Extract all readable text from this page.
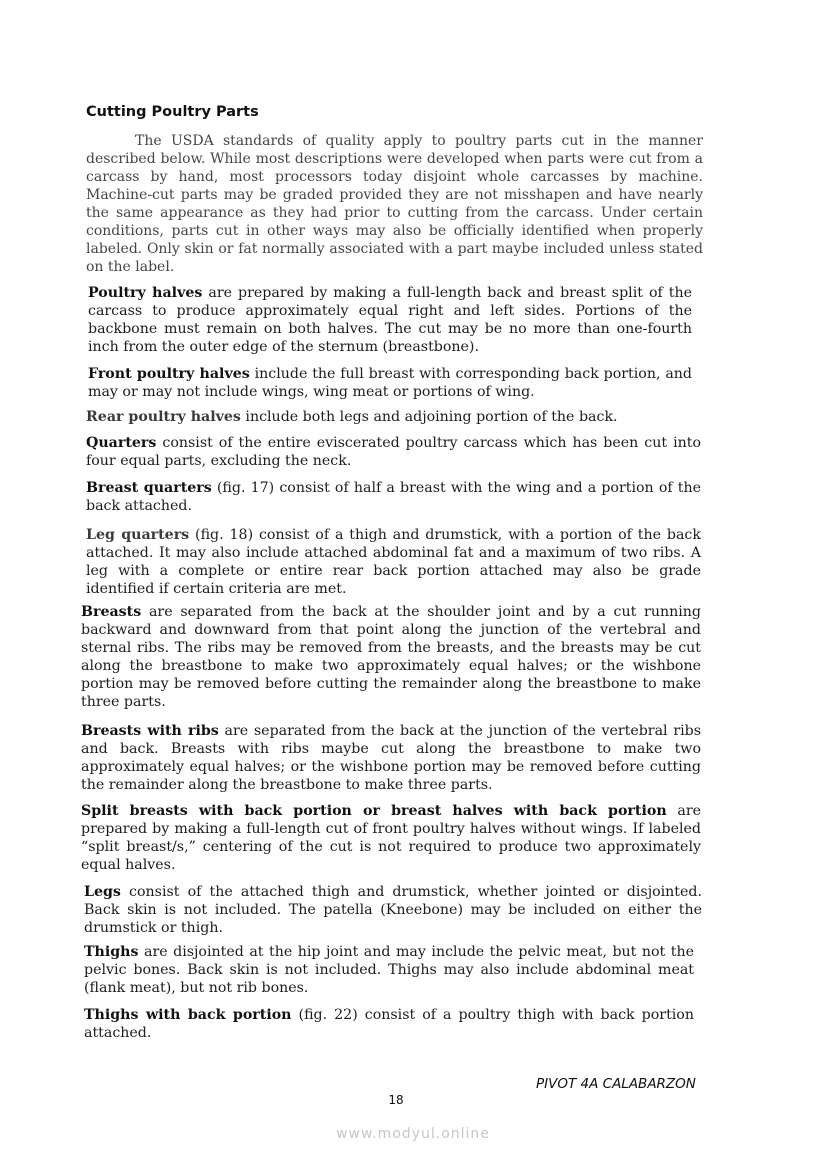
Cutting Poultry Parts
The USDA standards of quality apply to poultry parts cut in the manner described below. While most descriptions were developed when parts were cut from a carcass by hand, most processors today disjoint whole carcasses by machine. Machine-cut parts may be graded provided they are not misshapen and have nearly the same appearance as they had prior to cutting from the carcass. Under certain conditions, parts cut in other ways may also be officially identified when properly labeled. Only skin or fat normally associated with a part maybe included unless stated on the label.
Poultry halves are prepared by making a full-length back and breast split of the carcass to produce approximately equal right and left sides. Portions of the backbone must remain on both halves. The cut may be no more than one-fourth inch from the outer edge of the sternum (breastbone).
Front poultry halves include the full breast with corresponding back portion, and may or may not include wings, wing meat or portions of wing.
Rear poultry halves include both legs and adjoining portion of the back.
Quarters consist of the entire eviscerated poultry carcass which has been cut into four equal parts, excluding the neck.
Breast quarters (fig. 17) consist of half a breast with the wing and a portion of the back attached.
Leg quarters (fig. 18) consist of a thigh and drumstick, with a portion of the back attached. It may also include attached abdominal fat and a maximum of two ribs. A leg with a complete or entire rear back portion attached may also be grade identified if certain criteria are met.
Breasts are separated from the back at the shoulder joint and by a cut running backward and downward from that point along the junction of the vertebral and sternal ribs. The ribs may be removed from the breasts, and the breasts may be cut along the breastbone to make two approximately equal halves; or the wishbone portion may be removed before cutting the remainder along the breastbone to make three parts.
Breasts with ribs are separated from the back at the junction of the vertebral ribs and back. Breasts with ribs maybe cut along the breastbone to make two approximately equal halves; or the wishbone portion may be removed before cutting the remainder along the breastbone to make three parts.
Split breasts with back portion or breast halves with back portion are prepared by making a full-length cut of front poultry halves without wings. If labeled “split breast/s,” centering of the cut is not required to produce two approximately equal halves.
Legs consist of the attached thigh and drumstick, whether jointed or disjointed. Back skin is not included. The patella (Kneebone) may be included on either the drumstick or thigh.
Thighs are disjointed at the hip joint and may include the pelvic meat, but not the pelvic bones. Back skin is not included. Thighs may also include abdominal meat (flank meat), but not rib bones.
Thighs with back portion (fig. 22) consist of a poultry thigh with back portion attached.
PIVOT 4A CALABARZON
18
www.modyul.online
